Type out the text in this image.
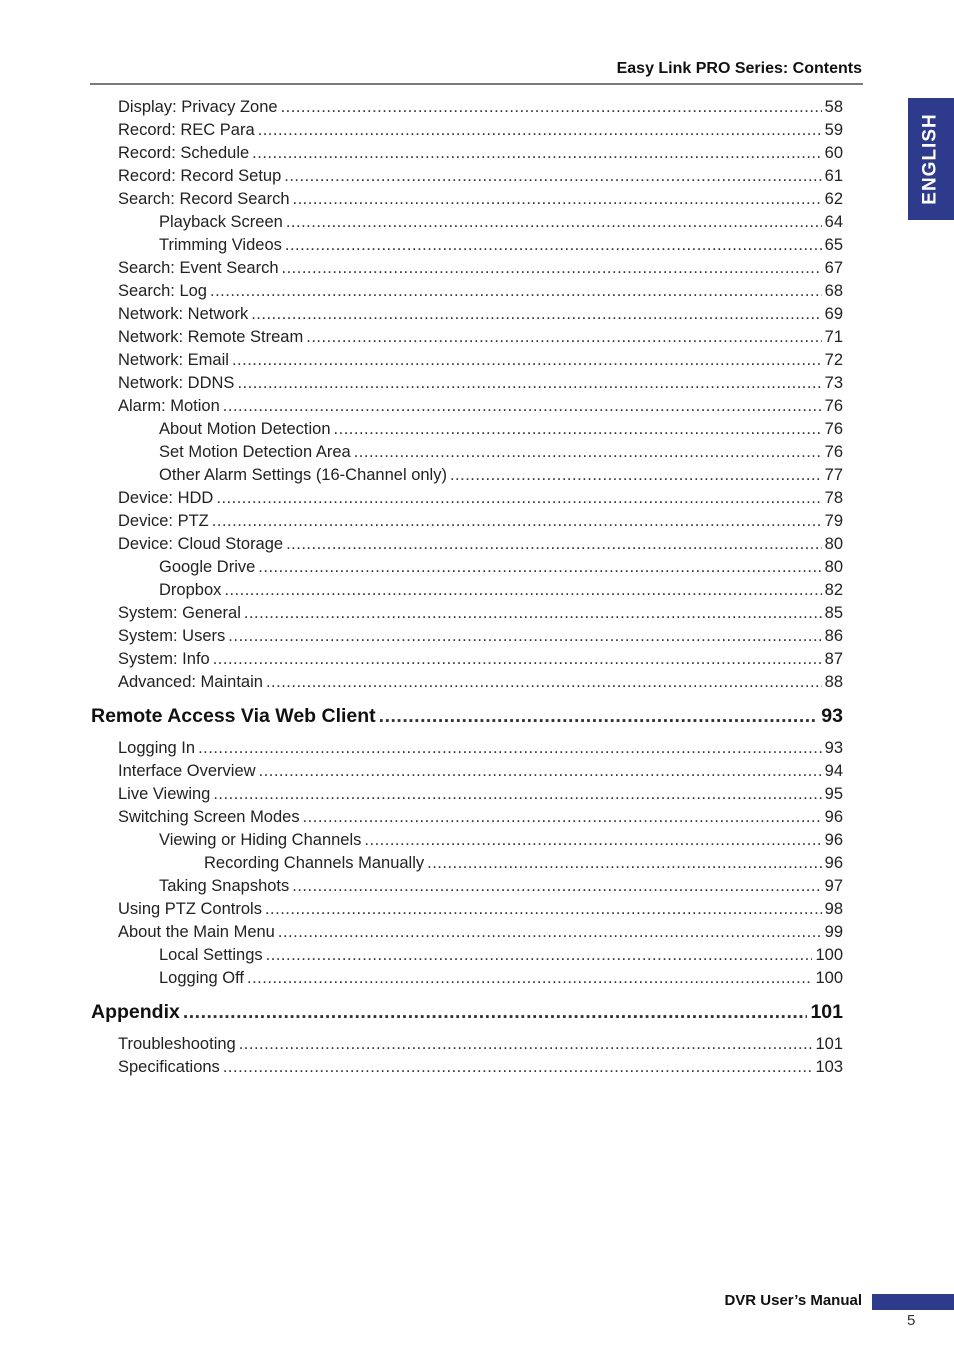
Easy Link PRO Series: Contents
ENGLISH
Display: Privacy Zone .....	58
Record: REC Para .....	59
Record: Schedule .....	60
Record: Record Setup .....	61
Search: Record Search .....	62
Playback Screen .....	64
Trimming Videos .....	65
Search: Event Search .....	67
Search: Log .....	68
Network: Network .....	69
Network: Remote Stream .....	71
Network: Email .....	72
Network: DDNS .....	73
Alarm: Motion .....	76
About Motion Detection .....	76
Set Motion Detection Area .....	76
Other Alarm Settings (16-Channel only) .....	77
Device: HDD .....	78
Device: PTZ .....	79
Device: Cloud Storage .....	80
Google Drive .....	80
Dropbox .....	82
System: General .....	85
System: Users .....	86
System: Info .....	87
Advanced: Maintain .....	88
Remote Access Via Web Client .....	93
Logging In .....	93
Interface Overview .....	94
Live Viewing .....	95
Switching Screen Modes .....	96
Viewing or Hiding Channels .....	96
Recording Channels Manually .....	96
Taking Snapshots .....	97
Using PTZ Controls .....	98
About the Main Menu .....	99
Local Settings .....	100
Logging Off .....	100
Appendix .....	101
Troubleshooting .....	101
Specifications .....	103
DVR User’s Manual
5
